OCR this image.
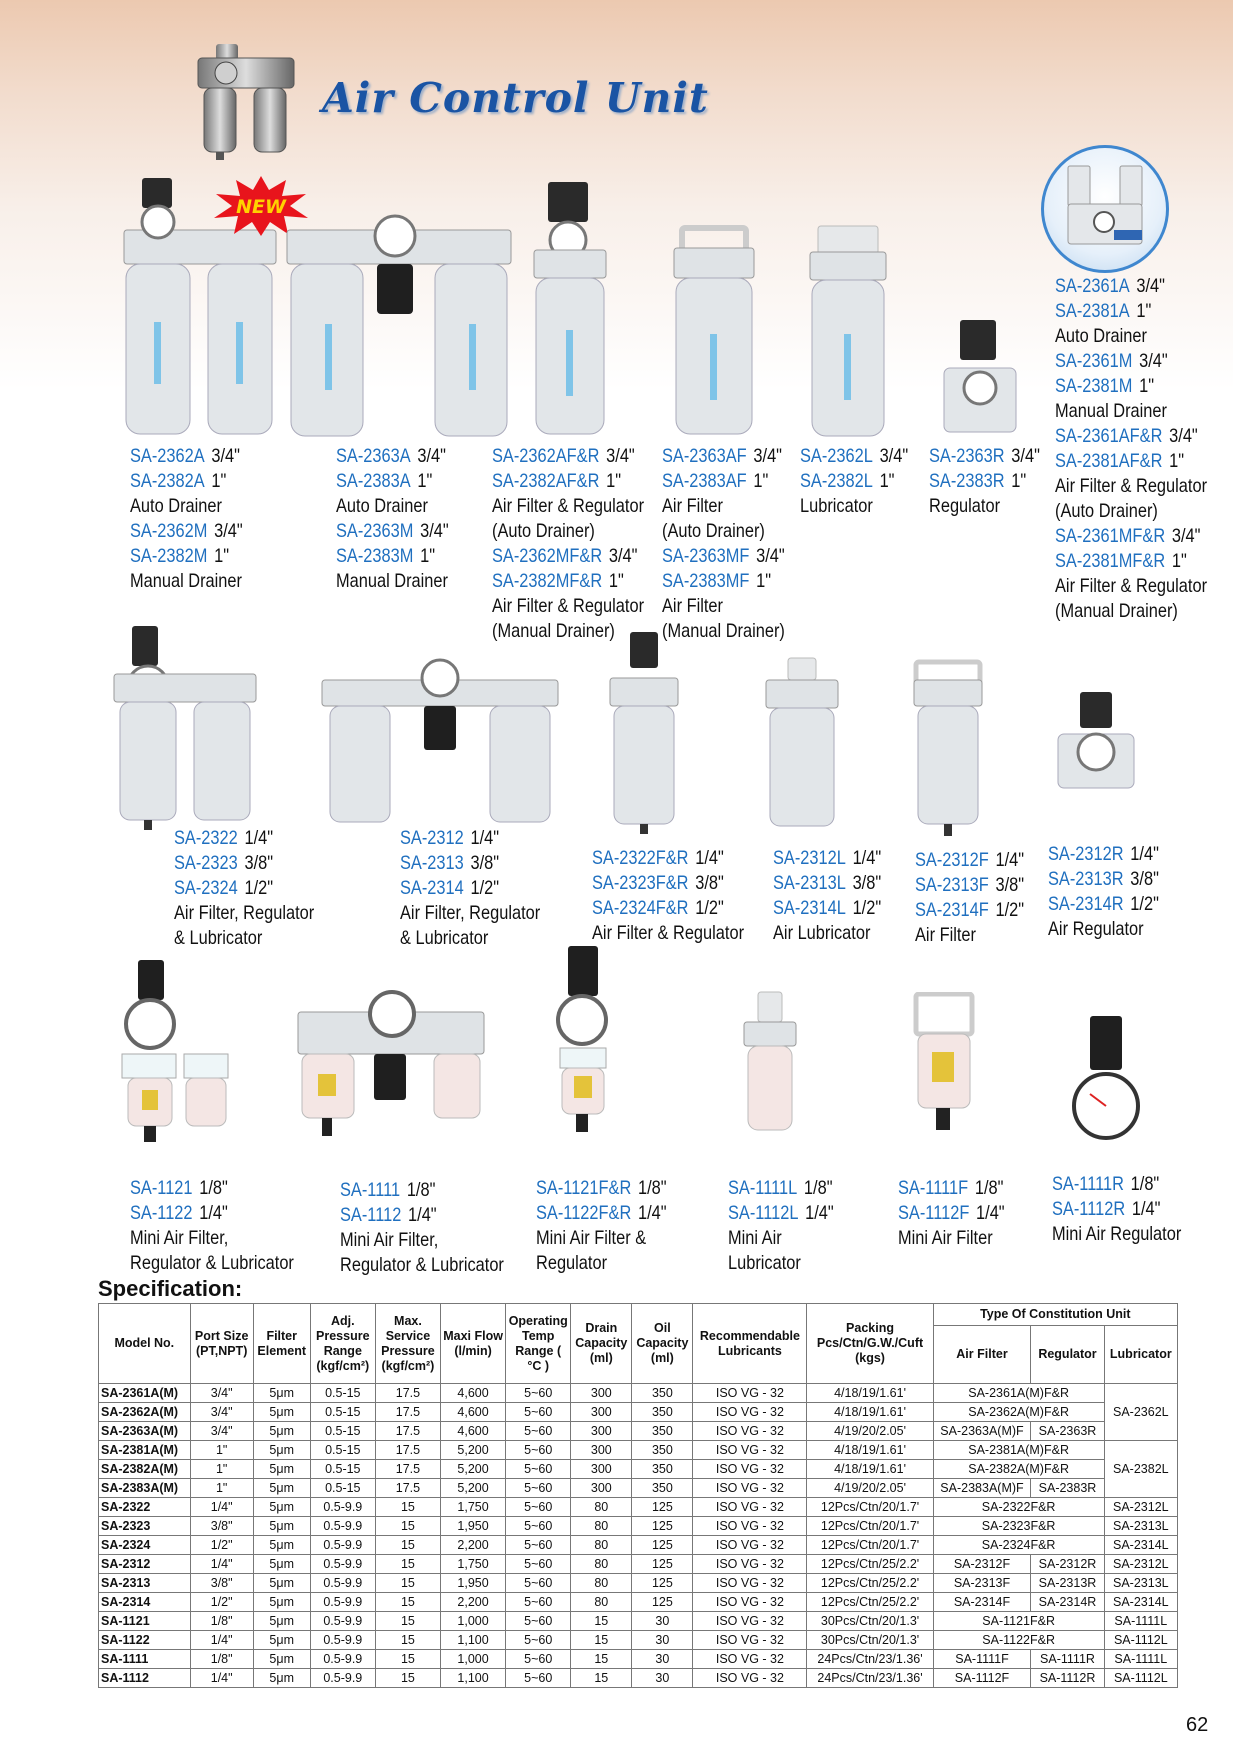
Air Control Unit
NEW
SA-2362A 3/4"
SA-2382A 1"
Auto Drainer
SA-2362M 3/4"
SA-2382M 1"
Manual Drainer
SA-2363A 3/4"
SA-2383A 1"
Auto Drainer
SA-2363M 3/4"
SA-2383M 1"
Manual Drainer
SA-2362AF&R 3/4"
SA-2382AF&R 1"
Air Filter & Regulator
(Auto Drainer)
SA-2362MF&R 3/4"
SA-2382MF&R 1"
Air Filter & Regulator
(Manual Drainer)
SA-2363AF 3/4"
SA-2383AF 1"
Air Filter
(Auto Drainer)
SA-2363MF 3/4"
SA-2383MF 1"
Air Filter
(Manual Drainer)
SA-2362L 3/4"
SA-2382L 1"
Lubricator
SA-2363R 3/4"
SA-2383R 1"
Regulator
SA-2361A 3/4"
SA-2381A 1"
Auto Drainer
SA-2361M 3/4"
SA-2381M 1"
Manual Drainer
SA-2361AF&R 3/4"
SA-2381AF&R 1"
Air Filter & Regulator
(Auto Drainer)
SA-2361MF&R 3/4"
SA-2381MF&R 1"
Air Filter & Regulator
(Manual Drainer)
SA-2322 1/4"
SA-2323 3/8"
SA-2324 1/2"
Air Filter, Regulator
& Lubricator
SA-2312 1/4"
SA-2313 3/8"
SA-2314 1/2"
Air Filter, Regulator
& Lubricator
SA-2322F&R 1/4"
SA-2323F&R 3/8"
SA-2324F&R 1/2"
Air Filter & Regulator
SA-2312L 1/4"
SA-2313L 3/8"
SA-2314L 1/2"
Air Lubricator
SA-2312F 1/4"
SA-2313F 3/8"
SA-2314F 1/2"
Air Filter
SA-2312R 1/4"
SA-2313R 3/8"
SA-2314R 1/2"
Air Regulator
SA-1121 1/8"
SA-1122 1/4"
Mini Air Filter,
Regulator & Lubricator
SA-1111 1/8"
SA-1112 1/4"
Mini Air Filter,
Regulator & Lubricator
SA-1121F&R 1/8"
SA-1122F&R 1/4"
Mini Air Filter &
Regulator
SA-1111L 1/8"
SA-1112L 1/4"
Mini Air
Lubricator
SA-1111F 1/8"
SA-1112F 1/4"
Mini Air Filter
SA-1111R 1/8"
SA-1112R 1/4"
Mini Air Regulator
Specification:
Model No.	Port Size (PT,NPT)	Filter Element	Adj. Pressure Range (kgf/cm²)	Max. Service Pressure (kgf/cm²)	Maxi Flow (l/min)	Operating Temp Range ( °C )	Drain Capacity (ml)	Oil Capacity (ml)	Recommendable Lubricants	Packing Pcs/Ctn/G.W./Cuft (kgs)	Type Of Constitution Unit		
											Air Filter	Regulator	Lubricator
SA-2361A(M)	3/4"	5μm	0.5-15	17.5	4,600	5~60	300	350	ISO VG - 32	4/18/19/1.61'	SA-2361A(M)F&R		SA-2362L
SA-2362A(M)	3/4"	5μm	0.5-15	17.5	4,600	5~60	300	350	ISO VG - 32	4/18/19/1.61'	SA-2362A(M)F&R		
SA-2363A(M)	3/4"	5μm	0.5-15	17.5	4,600	5~60	300	350	ISO VG - 32	4/19/20/2.05'	SA-2363A(M)F	SA-2363R	
SA-2381A(M)	1"	5μm	0.5-15	17.5	5,200	5~60	300	350	ISO VG - 32	4/18/19/1.61'	SA-2381A(M)F&R		SA-2382L
SA-2382A(M)	1"	5μm	0.5-15	17.5	5,200	5~60	300	350	ISO VG - 32	4/18/19/1.61'	SA-2382A(M)F&R		
SA-2383A(M)	1"	5μm	0.5-15	17.5	5,200	5~60	300	350	ISO VG - 32	4/19/20/2.05'	SA-2383A(M)F	SA-2383R	
SA-2322	1/4"	5μm	0.5-9.9	15	1,750	5~60	80	125	ISO VG - 32	12Pcs/Ctn/20/1.7'	SA-2322F&R		SA-2312L
SA-2323	3/8"	5μm	0.5-9.9	15	1,950	5~60	80	125	ISO VG - 32	12Pcs/Ctn/20/1.7'	SA-2323F&R		SA-2313L
SA-2324	1/2"	5μm	0.5-9.9	15	2,200	5~60	80	125	ISO VG - 32	12Pcs/Ctn/20/1.7'	SA-2324F&R		SA-2314L
SA-2312	1/4"	5μm	0.5-9.9	15	1,750	5~60	80	125	ISO VG - 32	12Pcs/Ctn/25/2.2'	SA-2312F	SA-2312R	SA-2312L
SA-2313	3/8"	5μm	0.5-9.9	15	1,950	5~60	80	125	ISO VG - 32	12Pcs/Ctn/25/2.2'	SA-2313F	SA-2313R	SA-2313L
SA-2314	1/2"	5μm	0.5-9.9	15	2,200	5~60	80	125	ISO VG - 32	12Pcs/Ctn/25/2.2'	SA-2314F	SA-2314R	SA-2314L
SA-1121	1/8"	5μm	0.5-9.9	15	1,000	5~60	15	30	ISO VG - 32	30Pcs/Ctn/20/1.3'	SA-1121F&R		SA-1111L
SA-1122	1/4"	5μm	0.5-9.9	15	1,100	5~60	15	30	ISO VG - 32	30Pcs/Ctn/20/1.3'	SA-1122F&R		SA-1112L
SA-1111	1/8"	5μm	0.5-9.9	15	1,000	5~60	15	30	ISO VG - 32	24Pcs/Ctn/23/1.36'	SA-1111F	SA-1111R	SA-1111L
SA-1112	1/4"	5μm	0.5-9.9	15	1,100	5~60	15	30	ISO VG - 32	24Pcs/Ctn/23/1.36'	SA-1112F	SA-1112R	SA-1112L
62
